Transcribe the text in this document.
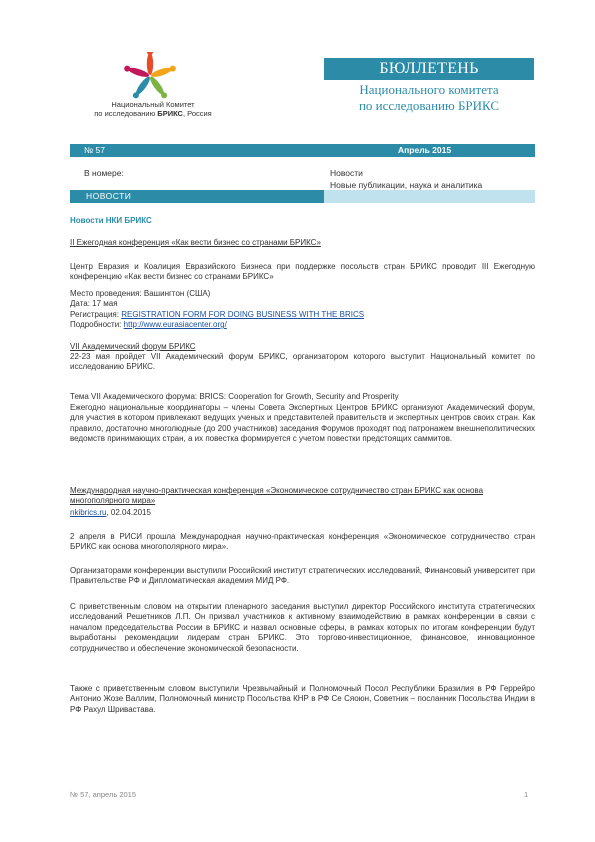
Национальный Комитет
по исследованию БРИКС, Россия
БЮЛЛЕТЕНЬ
Национального комитета
по исследованию БРИКС
№ 57	Апрель 2015
В номере:	Новости
Новые публикации, наука и аналитика
НОВОСТИ
Новости НКИ БРИКС
II Ежегодная конференция «Как вести бизнес со странами БРИКС»
Центр Евразия и Коалиция Евразийского Бизнеса при поддержке посольств стран БРИКС проводит III Ежегодную конференцию «Как вести бизнес со странами БРИКС»
Место проведения: Вашингтон (США)
Дата: 17 мая
Регистрация: REGISTRATION FORM FOR DOING BUSINESS WITH THE BRICS
Подробности: http://www.eurasiacenter.org/
VII Академический форум БРИКС
22-23 мая пройдет VII Академический форум БРИКС, организатором которого выступит Национальный комитет по исследованию БРИКС.
Тема VII Академического форума: BRICS: Cooperation for Growth, Security and Prosperity
Ежегодно национальные координаторы – члены Совета Экспертных Центров БРИКС организуют Академический форум, для участия в котором привлекают ведущих ученых и представителей правительств и экспертных центров своих стран. Как правило, достаточно многолюдные (до 200 участников) заседания Форумов проходят под патронажем внешнеполитических ведомств принимающих стран, а их повестка формируется с учетом повестки предстоящих саммитов.
Международная научно-практическая конференция «Экономическое сотрудничество стран БРИКС как основа многополярного мира»
nkibrics.ru, 02.04.2015
2 апреля в РИСИ прошла Международная научно-практическая конференция «Экономическое сотрудничество стран БРИКС как основа многополярного мира».
Организаторами конференции выступили Российский институт стратегических исследований, Финансовый университет при Правительстве РФ и Дипломатическая академия МИД РФ.
С приветственным словом на открытии пленарного заседания выступил директор Российского института стратегических исследований Решетников Л.П. Он призвал участников к активному взаимодействию в рамках конференции в связи с началом председательства России в БРИКС и назвал основные сферы, в рамках которых по итогам конференции будут выработаны рекомендации лидерам стран БРИКС. Это торгово-инвестиционное, финансовое, инновационное сотрудничество и обеспечение экономической безопасности.
Также с приветственным словом выступили Чрезвычайный и Полномочный Посол Республики Бразилия в РФ Геррейро Антонио Жозе Валлим, Полномочный министр Посольства КНР в РФ Се Сяоюн, Советник – посланник Посольства Индии в РФ Рахул Шривастава.
№ 57, апрель 2015	1
